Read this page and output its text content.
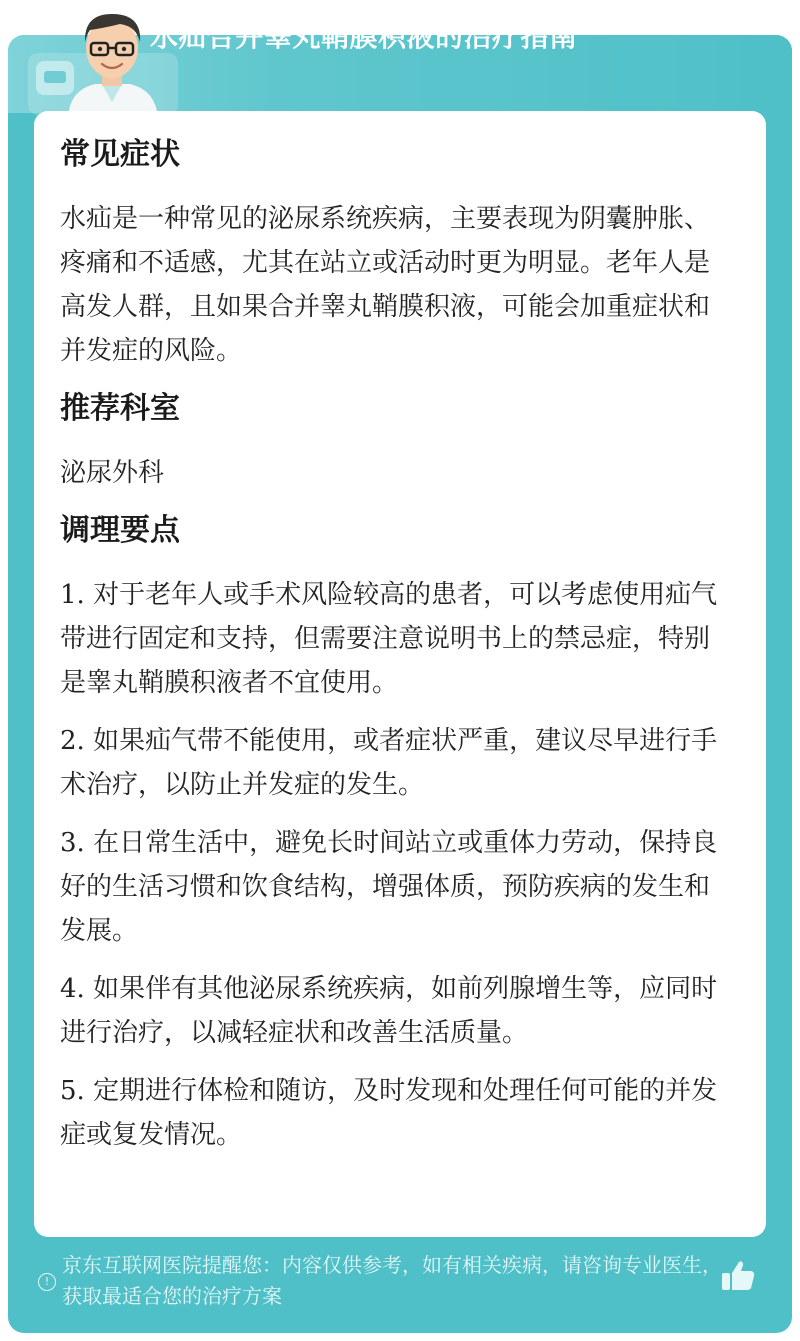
水疝合并睾丸鞘膜积液的治疗指南
常见症状

水疝是一种常见的泌尿系统疾病，主要表现为阴囊肿胀、疼痛和不适感，尤其在站立或活动时更为明显。老年人是高发人群，且如果合并睾丸鞘膜积液，可能会加重症状和并发症的风险。

推荐科室

泌尿外科

调理要点

1. 对于老年人或手术风险较高的患者，可以考虑使用疝气带进行固定和支持，但需要注意说明书上的禁忌症，特别是睾丸鞘膜积液者不宜使用。

2. 如果疝气带不能使用，或者症状严重，建议尽早进行手术治疗，以防止并发症的发生。

3. 在日常生活中，避免长时间站立或重体力劳动，保持良好的生活习惯和饮食结构，增强体质，预防疾病的发生和发展。

4. 如果伴有其他泌尿系统疾病，如前列腺增生等，应同时进行治疗，以减轻症状和改善生活质量。

5. 定期进行体检和随访，及时发现和处理任何可能的并发症或复发情况。

!
京东互联网医院提醒您：内容仅供参考，如有相关疾病，请咨询专业医生，获取最适合您的治疗方案
